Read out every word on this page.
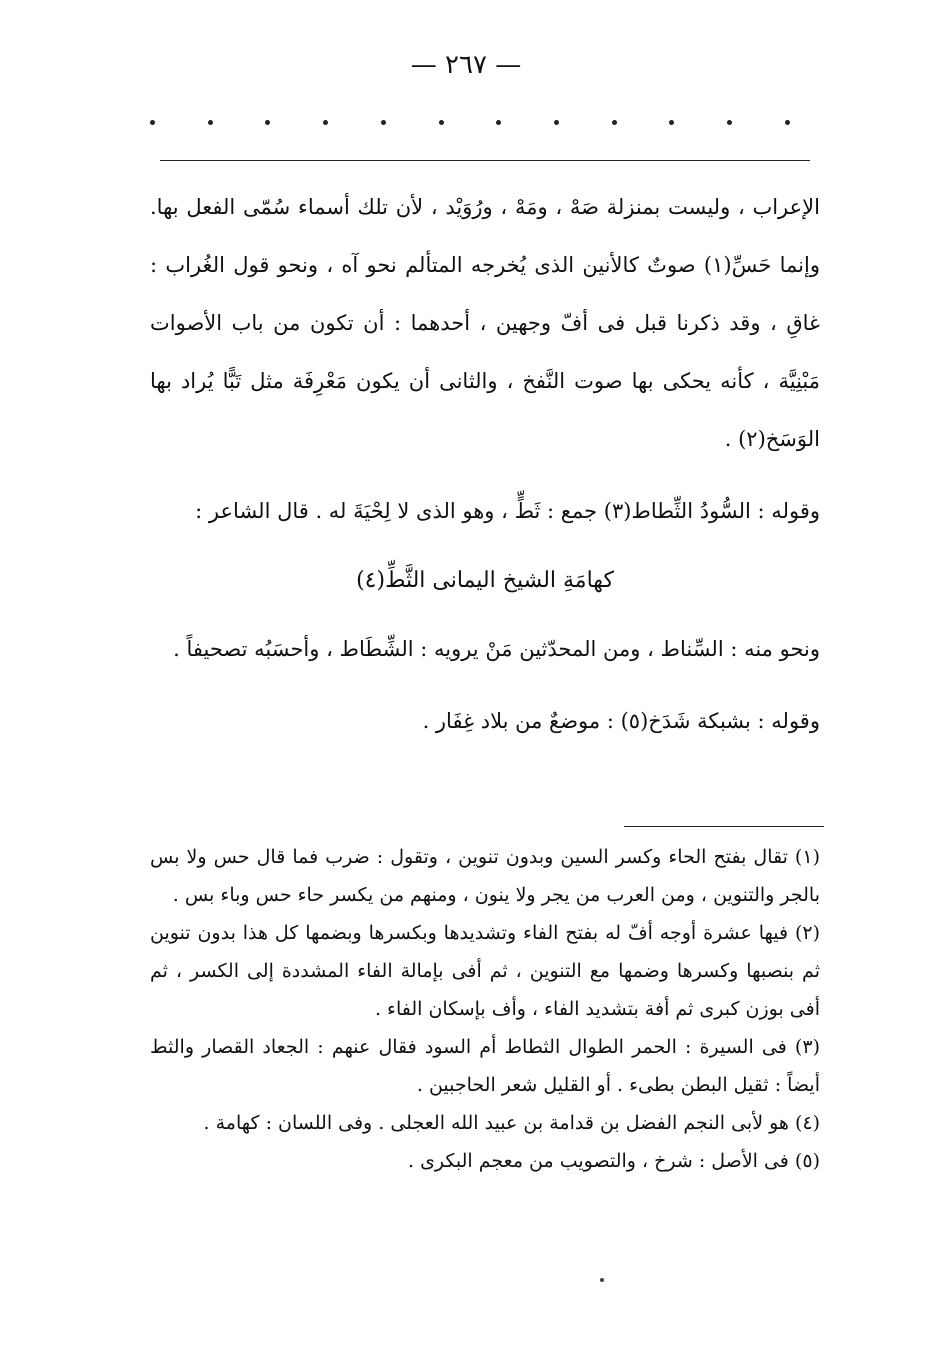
— ٢٦٧ —

الإعراب ، وليست بمنزلة صَهْ ، ومَهْ ، ورُوَيْد ، لأن تلك أسماء سُمّى الفعل بها. وإنما حَسِّ(١) صوتٌ كالأنين الذى يُخرجه المتألم نحو آه ، ونحو قول الغُراب : غاقِ ، وقد ذكرنا قبل فى أفّ وجهين ، أحدهما : أن تكون من باب الأصوات مَبْنِيَّة ، كأنه يحكى بها صوت النَّفخ ، والثانى أن يكون مَعْرِفَة مثل تَبًّا يُراد بها الوَسَخ(٢) .

وقوله : السُّودُ الثِّطاط(٣) جمع : ثَطٍّ ، وهو الذى لا لِحْيَةَ له . قال الشاعر :

كهامَةِ الشيخ اليمانى الثَّطِّ(٤)

ونحو منه : السِّناط ، ومن المحدّثين مَنْ يرويه : الشِّطَاط ، وأحسَبُه تصحيفاً .

وقوله : بشبكة شَدَخ(٥) : موضعٌ من بلاد غِفَار .

(١) تقال بفتح الحاء وكسر السين وبدون تنوين ، وتقول : ضرب فما قال حس ولا بس بالجر والتنوين ، ومن العرب من يجر ولا ينون ، ومنهم من يكسر حاء حس وباء بس .

(٢) فيها عشرة أوجه أفّ له بفتح الفاء وتشديدها وبكسرها وبضمها كل هذا بدون تنوين ثم بنصبها وكسرها وضمها مع التنوين ، ثم أفى بإمالة الفاء المشددة إلى الكسر ، ثم أفى بوزن كبرى ثم أفة بتشديد الفاء ، وأف بإسكان الفاء .

(٣) فى السيرة : الحمر الطوال الثطاط أم السود فقال عنهم : الجعاد القصار والثط أيضاً : ثقيل البطن بطىء . أو القليل شعر الحاجبين .

(٤) هو لأبى النجم الفضل بن قدامة بن عبيد الله العجلى . وفى اللسان : كهامة .

(٥) فى الأصل : شرخ ، والتصويب من معجم البكرى .
